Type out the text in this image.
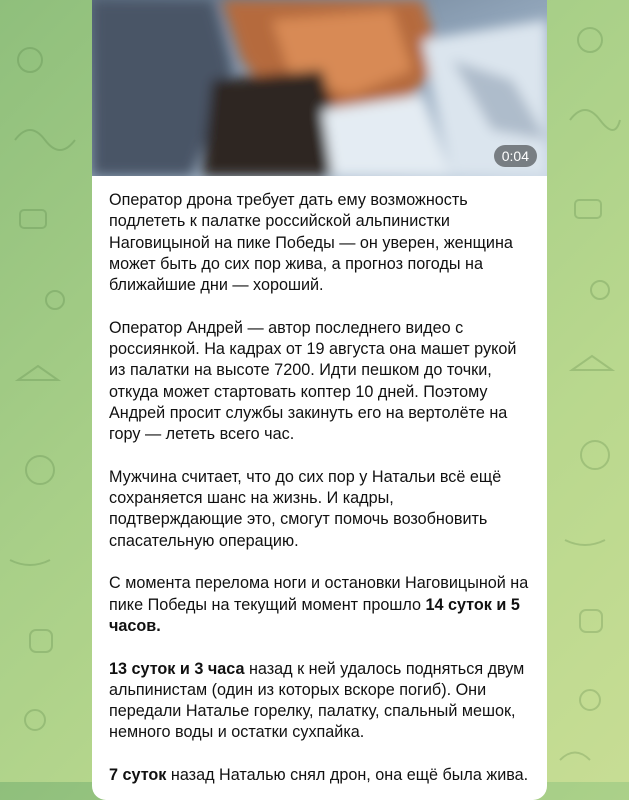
0:04

Оператор дрона требует дать ему возможность подлететь к палатке российской альпинистки Наговицыной на пике Победы — он уверен, женщина может быть до сих пор жива, а прогноз погоды на ближайшие дни — хороший.

Оператор Андрей — автор последнего видео с россиянкой. На кадрах от 19 августа она машет рукой из палатки на высоте 7200. Идти пешком до точки, откуда может стартовать коптер 10 дней. Поэтому Андрей просит службы закинуть его на вертолёте на гору — лететь всего час.

Мужчина считает, что до сих пор у Натальи всё ещё сохраняется шанс на жизнь. И кадры, подтверждающие это, смогут помочь возобновить спасательную операцию.

С момента перелома ноги и остановки Наговицыной на пике Победы на текущий момент прошло 14 суток и 5 часов.

13 суток и 3 часа назад к ней удалось подняться двум альпинистам (один из которых вскоре погиб). Они передали Наталье горелку, палатку, спальный мешок, немного воды и остатки сухпайка.

7 суток назад Наталью снял дрон, она ещё была жива.
